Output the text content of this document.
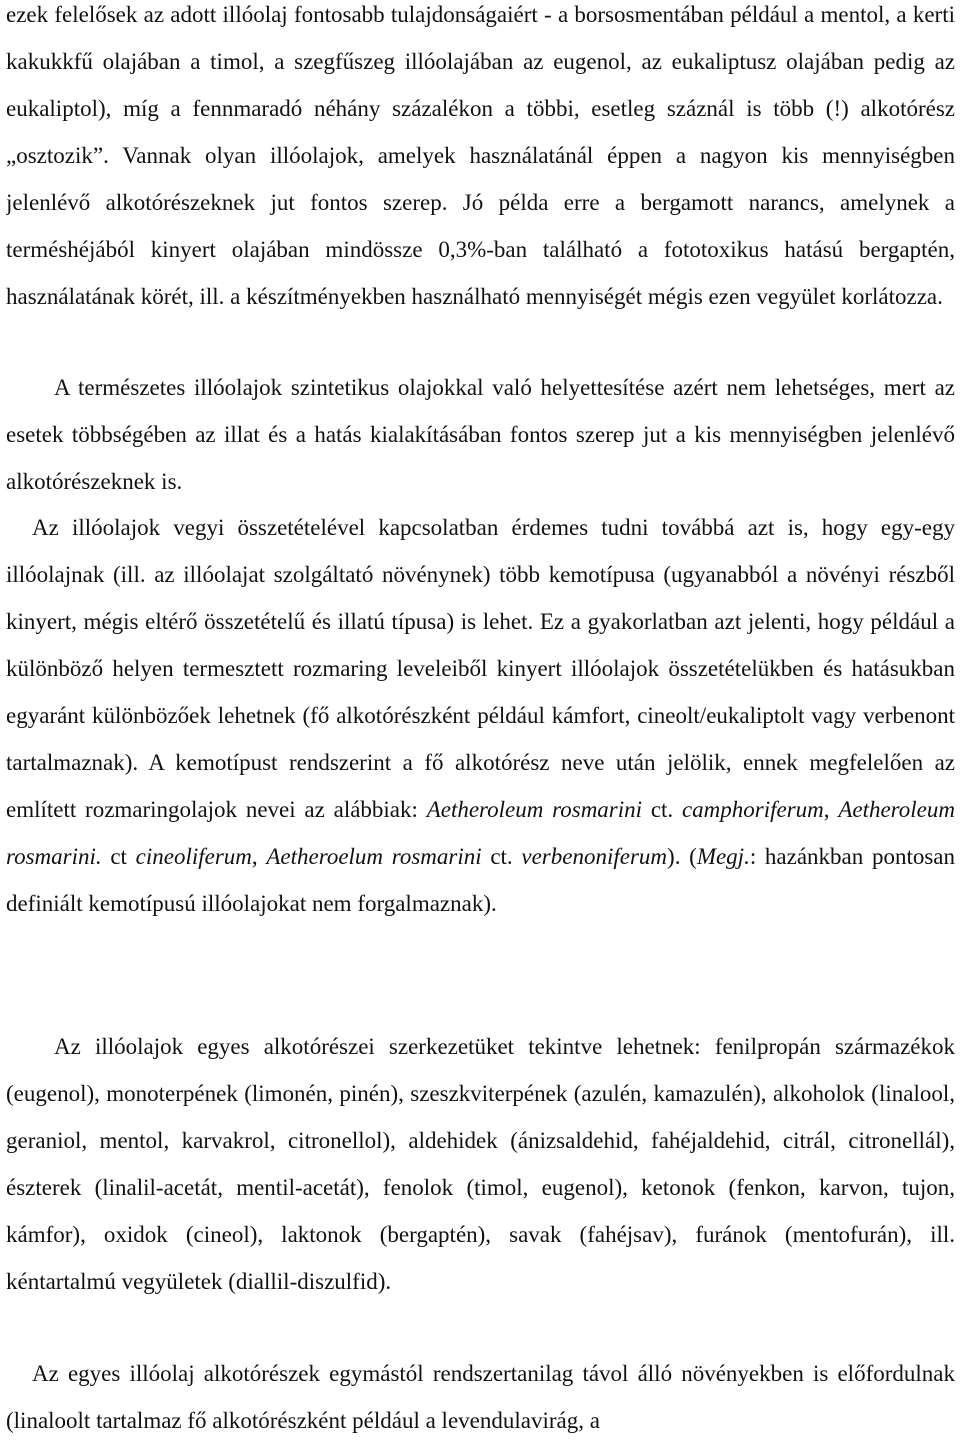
ezek felelősek az adott illóolaj fontosabb tulajdonságaiért - a borsosmentában például a mentol, a kerti kakukkfű olajában a timol, a szegfűszeg illóolajában az eugenol, az eukaliptusz olajában pedig az eukaliptol), míg a fennmaradó néhány százalékon a többi, esetleg száznál is több (!) alkotórész „osztozik”. Vannak olyan illóolajok, amelyek használatánál éppen a nagyon kis mennyiségben jelenlévő alkotórészeknek jut fontos szerep. Jó példa erre a bergamott narancs, amelynek a terméshéjából kinyert olajában mindössze 0,3%-ban található a fototoxikus hatású bergaptén, használatának körét, ill. a készítményekben használható mennyiségét mégis ezen vegyület korlátozza.

A természetes illóolajok szintetikus olajokkal való helyettesítése azért nem lehetséges, mert az esetek többségében az illat és a hatás kialakításában fontos szerep jut a kis mennyiségben jelenlévő alkotórészeknek is.

Az illóolajok vegyi összetételével kapcsolatban érdemes tudni továbbá azt is, hogy egy-egy illóolajnak (ill. az illóolajat szolgáltató növénynek) több kemotípusa (ugyanabból a növényi részből kinyert, mégis eltérő összetételű és illatú típusa) is lehet. Ez a gyakorlatban azt jelenti, hogy például a különböző helyen termesztett rozmaring leveleiből kinyert illóolajok összetételükben és hatásukban egyaránt különbözőek lehetnek (fő alkotórészként például kámfort, cineolt/eukaliptolt vagy verbenont tartalmaznak). A kemotípust rendszerint a fő alkotórész neve után jelölik, ennek megfelelően az említett rozmaringolajok nevei az alábbiak: Aetheroleum rosmarini ct. camphoriferum, Aetheroleum rosmarini. ct cineoliferum, Aetheroelum rosmarini ct. verbenoniferum). (Megj.: hazánkban pontosan definiált kemotípusú illóolajokat nem forgalmaznak).

Az illóolajok egyes alkotórészei szerkezetüket tekintve lehetnek: fenilpropán származékok (eugenol), monoterpének (limonén, pinén), szeszkviterpének (azulén, kamazulén), alkoholok (linalool, geraniol, mentol, karvakrol, citronellol), aldehidek (ánizsaldehid, fahéjaldehid, citrál, citronellál), észterek (linalil-acetát, mentil-acetát), fenolok (timol, eugenol), ketonok (fenkon, karvon, tujon, kámfor), oxidok (cineol), laktonok (bergaptén), savak (fahéjsav), furánok (mentofurán), ill. kéntartalmú vegyületek (diallil-diszulfid).

Az egyes illóolaj alkotórészek egymástól rendszertanilag távol álló növényekben is előfordulnak (linaloolt tartalmaz fő alkotórészként például a levendulavirág, a
